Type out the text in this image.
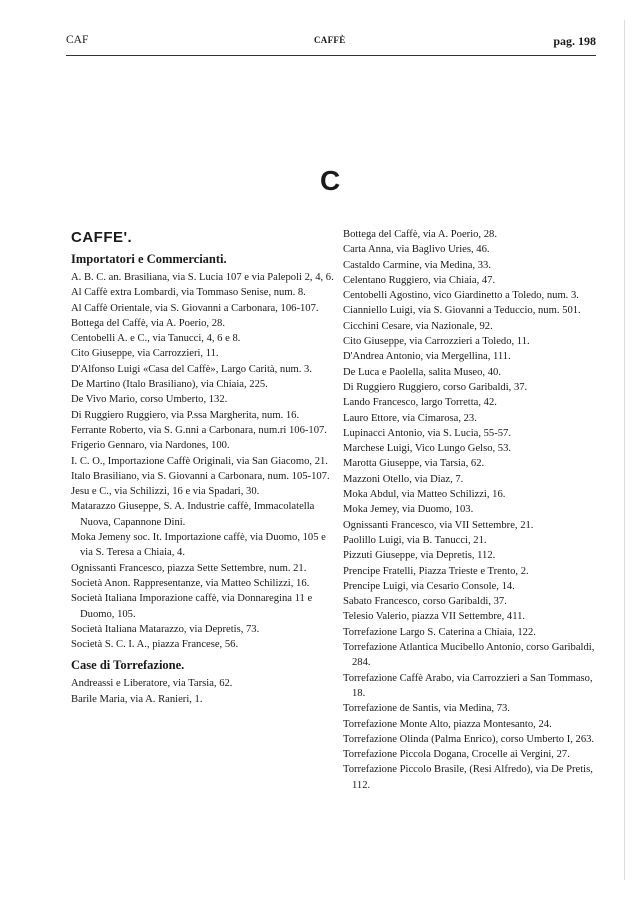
CAF	CAFFÈ	pag. 198
C
CAFFE'.
Importatori e Commercianti.

A. B. C. an. Brasiliana, via S. Lucia 107 e via Palepoli 2, 4, 6.

Al Caffè extra Lombardi, via Tommaso Senise, num. 8.

Al Caffè Orientale, via S. Giovanni a Carbonara, 106-107.

Bottega del Caffè, via A. Poerio, 28.

Centobelli A. e C., via Tanucci, 4, 6 e 8.

Cito Giuseppe, via Carrozzieri, 11.

D'Alfonso Luigi «Casa del Caffè», Largo Carità, num. 3.

De Martino (Italo Brasiliano), via Chiaia, 225.

De Vivo Mario, corso Umberto, 132.

Di Ruggiero Ruggiero, via P.ssa Margherita, num. 16.

Ferrante Roberto, via S. G.nni a Carbonara, num.ri 106-107.

Frigerio Gennaro, via Nardones, 100.

I. C. O., Importazione Caffè Originali, via San Giacomo, 21.

Italo Brasiliano, via S. Giovanni a Carbonara, num. 105-107.

Jesu e C., via Schilizzi, 16 e via Spadari, 30.

Matarazzo Giuseppe, S. A. Industrie caffè, Immacolatella Nuova, Capannone Dini.

Moka Jemeny soc. It. Importazione caffè, via Duomo, 105 e via S. Teresa a Chiaia, 4.

Ognissanti Francesco, piazza Sette Settembre, num. 21.

Società Anon. Rappresentanze, via Matteo Schilizzi, 16.

Società Italiana Imporazione caffè, via Donnaregina 11 e Duomo, 105.

Società Italiana Matarazzo, via Depretis, 73.

Società S. C. I. A., piazza Francese, 56.

Case di Torrefazione.

Andreassi e Liberatore, via Tarsia, 62.

Barile Maria, via A. Ranieri, 1.

Bottega del Caffè, via A. Poerio, 28.

Carta Anna, via Baglivo Uries, 46.

Castaldo Carmine, via Medina, 33.

Celentano Ruggiero, via Chiaia, 47.

Centobelli Agostino, vico Giardinetto a Toledo, num. 3.

Cianniello Luigi, via S. Giovanni a Teduccio, num. 501.

Cicchini Cesare, via Nazionale, 92.

Cito Giuseppe, via Carrozzieri a Toledo, 11.

D'Andrea Antonio, via Mergellina, 111.

De Luca e Paolella, salita Museo, 40.

Di Ruggiero Ruggiero, corso Garibaldi, 37.

Lando Francesco, largo Torretta, 42.

Lauro Ettore, via Cimarosa, 23.

Lupinacci Antonio, via S. Lucia, 55-57.

Marchese Luigi, Vico Lungo Gelso, 53.

Marotta Giuseppe, via Tarsia, 62.

Mazzoni Otello, via Diaz, 7.

Moka Abdul, via Matteo Schilizzi, 16.

Moka Jemey, via Duomo, 103.

Ognissanti Francesco, via VII Settembre, 21.

Paolillo Luigi, via B. Tanucci, 21.

Pizzuti Giuseppe, via Depretis, 112.

Prencipe Fratelli, Piazza Trieste e Trento, 2.

Prencipe Luigi, via Cesario Console, 14.

Sabato Francesco, corso Garibaldi, 37.

Telesio Valerio, piazza VII Settembre, 411.

Torrefazione Largo S. Caterina a Chiaia, 122.

Torrefazione Atlantica Mucibello Antonio, corso Garibaldi, 284.

Torrefazione Caffè Arabo, via Carrozzieri a San Tommaso, 18.

Torrefazione de Santis, via Medina, 73.

Torrefazione Monte Alto, piazza Montesanto, 24.

Torrefazione Olinda (Palma Enrico), corso Umberto I, 263.

Torrefazione Piccola Dogana, Crocelle ai Vergini, 27.

Torrefazione Piccolo Brasile, (Resi Alfredo), via De Pretis, 112.
